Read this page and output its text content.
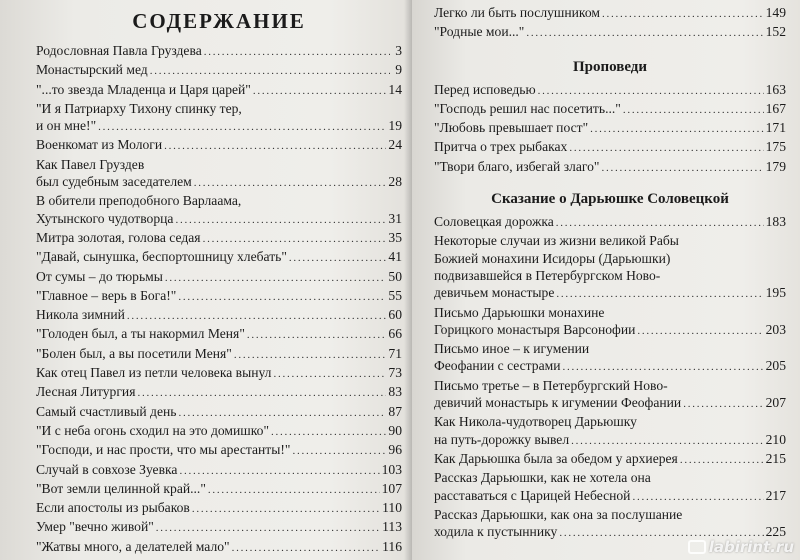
СОДЕРЖАНИЕ
Родословная Павла Груздева . . .	3
Монастырский мед . . .	9
"...то звезда Младенца и Царя царей" . . .	14
"И я Патриарху Тихону спинку тер,
и он мне!" . . .	19
Военкомат из Мологи . . .	24
Как Павел Груздев
был судебным заседателем . . .	28
В обители преподобного Варлаама,
Хутынского чудотворца . . .	31
Митра золотая, голова седая . . .	35
"Давай, сынушка, беспортошницу хлебать" . . .	41
От сумы – до тюрьмы . . .	50
"Главное – верь в Бога!" . . .	55
Никола зимний . . .	60
"Голоден был, а ты накормил Меня" . . .	66
"Болен был, а вы посетили Меня" . . .	71
Как отец Павел из петли человека вынул . . .	73
Лесная Литургия . . .	83
Самый счастливый день . . .	87
"И с неба огонь сходил на это домишко" . . .	90
"Господи, и нас прости, что мы арестанты!" . . .	96
Случай в совхозе Зуевка . . .	103
"Вот земли целинной край..." . . .	107
Если апостолы из рыбаков . . .	110
Умер "вечно живой" . . .	113
"Жатвы много, а делателей мало" . . .	116
. . .
Легко ли быть послушником . . .	149
"Родные мои..." . . .	152
Проповеди
Перед исповедью . . .	163
"Господь решил нас посетить..." . . .	167
"Любовь превышает пост" . . .	171
Притча о трех рыбаках . . .	175
"Твори благо, избегай злаго" . . .	179
Сказание о Дарьюшке Соловецкой
Соловецкая дорожка . . .	183
Некоторые случаи из жизни великой Рабы
Божией монахини Исидоры (Дарьюшки)
подвизавшейся в Петербургском Ново-
девичьем монастыре . . .	195
Письмо Дарьюшки монахине
Горицкого монастыря Варсонофии . . .	203
Письмо иное – к игумении
Феофании с сестрами . . .	205
Письмо третье – в Петербургский Ново-
девичий монастырь к игумении Феофании . . .	207
Как Никола-чудотворец Дарьюшку
на путь-дорожку вывел . . .	210
Как Дарьюшка была за обедом у архиерея . . .	215
Рассказ Дарьюшки, как не хотела она
расставаться с Царицей Небесной . . .	217
Рассказ Дарьюшки, как она за послушание
ходила к пустыннику . . .	225
labirint.ru
